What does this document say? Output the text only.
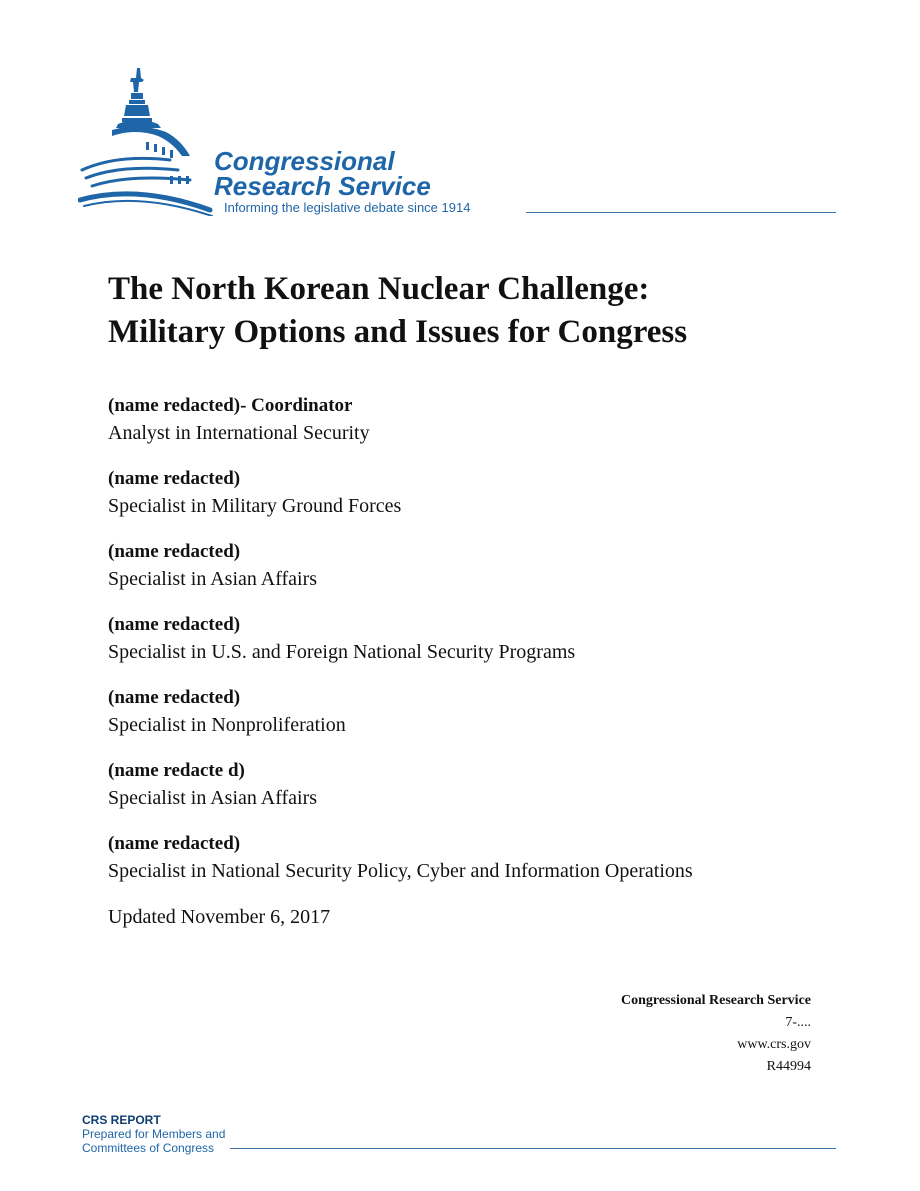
Congressional
Research Service
Informing the legislative debate since 1914
The North Korean Nuclear Challenge:
Military Options and Issues for Congress
(name redacted)- Coordinator
Analyst in International Security
(name redacted)
Specialist in Military Ground Forces
(name redacted)
Specialist in Asian Affairs
(name redacted)
Specialist in U.S. and Foreign National Security Programs
(name redacted)
Specialist in Nonproliferation
(name redacte d)
Specialist in Asian Affairs
(name redacted)
Specialist in National Security Policy, Cyber and Information Operations
Updated November 6, 2017
Congressional Research Service
7-....
www.crs.gov
R44994
CRS REPORT
Prepared for Members and
Committees of Congress
